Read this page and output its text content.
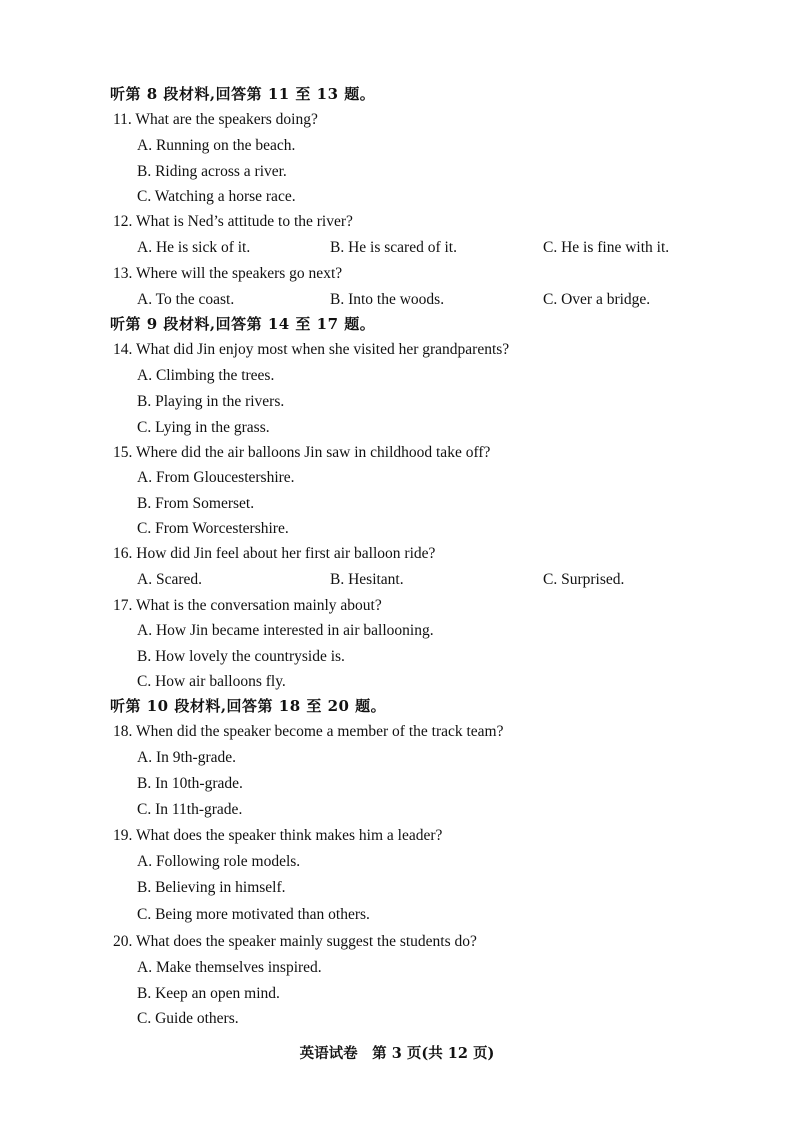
听第 8 段材料,回答第 11 至 13 题。
11. What are the speakers doing?
A. Running on the beach.
B. Riding across a river.
C. Watching a horse race.
12. What is Ned’s attitude to the river?
A. He is sick of it.	B. He is scared of it.	C. He is fine with it.
13. Where will the speakers go next?
A. To the coast.	B. Into the woods.	C. Over a bridge.
听第 9 段材料,回答第 14 至 17 题。
14. What did Jin enjoy most when she visited her grandparents?
A. Climbing the trees.
B. Playing in the rivers.
C. Lying in the grass.
15. Where did the air balloons Jin saw in childhood take off?
A. From Gloucestershire.
B. From Somerset.
C. From Worcestershire.
16. How did Jin feel about her first air balloon ride?
A. Scared.	B. Hesitant.	C. Surprised.
17. What is the conversation mainly about?
A. How Jin became interested in air ballooning.
B. How lovely the countryside is.
C. How air balloons fly.
听第 10 段材料,回答第 18 至 20 题。
18. When did the speaker become a member of the track team?
A. In 9th-grade.
B. In 10th-grade.
C. In 11th-grade.
19. What does the speaker think makes him a leader?
A. Following role models.
B. Believing in himself.
C. Being more motivated than others.
20. What does the speaker mainly suggest the students do?
A. Make themselves inspired.
B. Keep an open mind.
C. Guide others.
英语试卷　第 3 页(共 12 页)
